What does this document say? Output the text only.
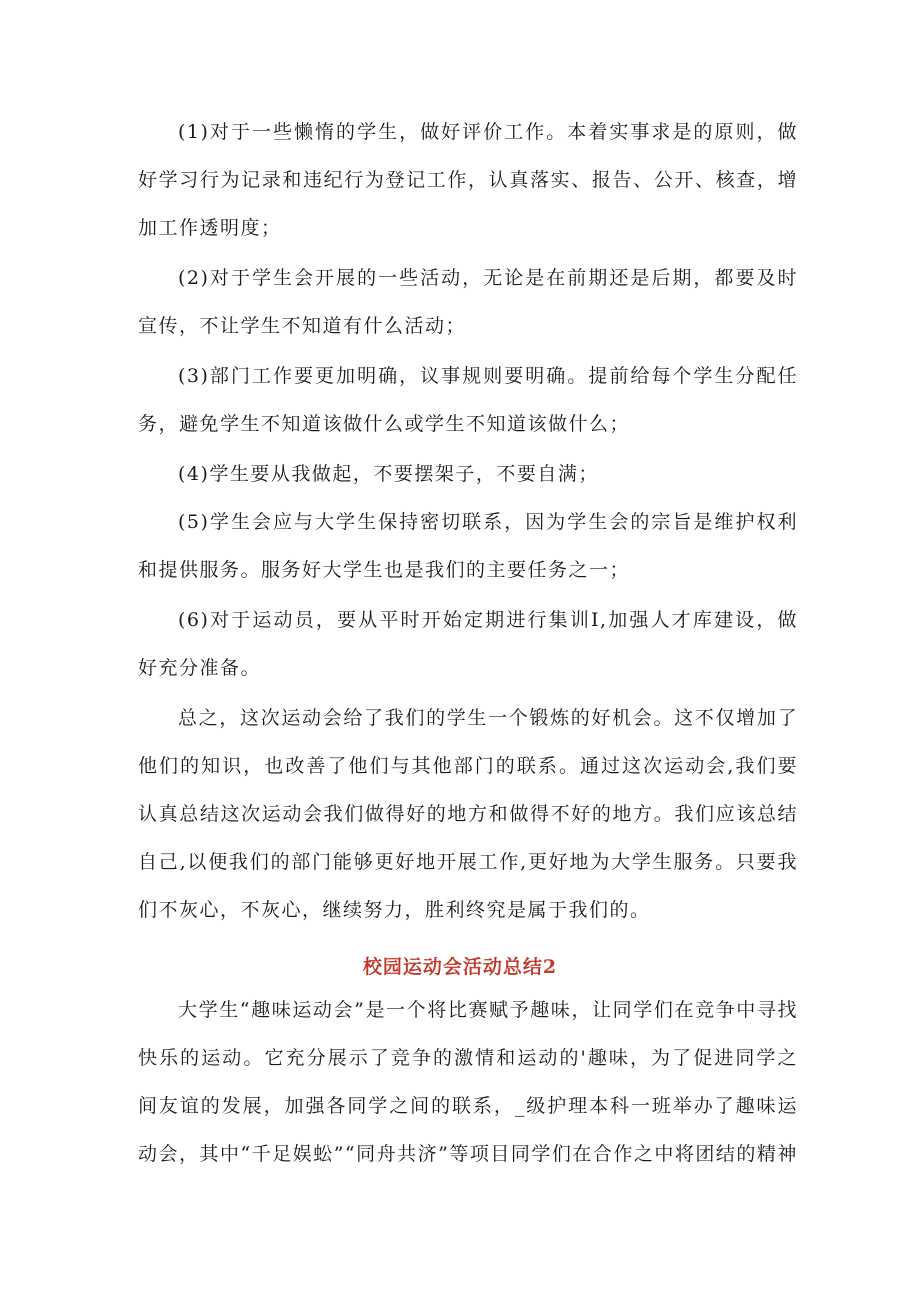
(1)对于一些懒惰的学生，做好评价工作。本着实事求是的原则，做好学习行为记录和违纪行为登记工作，认真落实、报告、公开、核查，增加工作透明度；

(2)对于学生会开展的一些活动，无论是在前期还是后期，都要及时宣传，不让学生不知道有什么活动；

(3)部门工作要更加明确，议事规则要明确。提前给每个学生分配任务，避免学生不知道该做什么或学生不知道该做什么；

(4)学生要从我做起，不要摆架子，不要自满；

(5)学生会应与大学生保持密切联系，因为学生会的宗旨是维护权利和提供服务。服务好大学生也是我们的主要任务之一；

(6)对于运动员，要从平时开始定期进行集训I,加强人才库建设，做好充分准备。

总之，这次运动会给了我们的学生一个锻炼的好机会。这不仅增加了他们的知识，也改善了他们与其他部门的联系。通过这次运动会,我们要认真总结这次运动会我们做得好的地方和做得不好的地方。我们应该总结自己,以便我们的部门能够更好地开展工作,更好地为大学生服务。只要我们不灰心，不灰心，继续努力，胜利终究是属于我们的。

校园运动会活动总结2

大学生“趣味运动会”是一个将比赛赋予趣味，让同学们在竞争中寻找快乐的运动。它充分展示了竞争的激情和运动的'趣味，为了促进同学之间友谊的发展，加强各同学之间的联系，_级护理本科一班举办了趣味运动会，其中“千足娱蚣”“同舟共济”等项目同学们在合作之中将团结的精神
